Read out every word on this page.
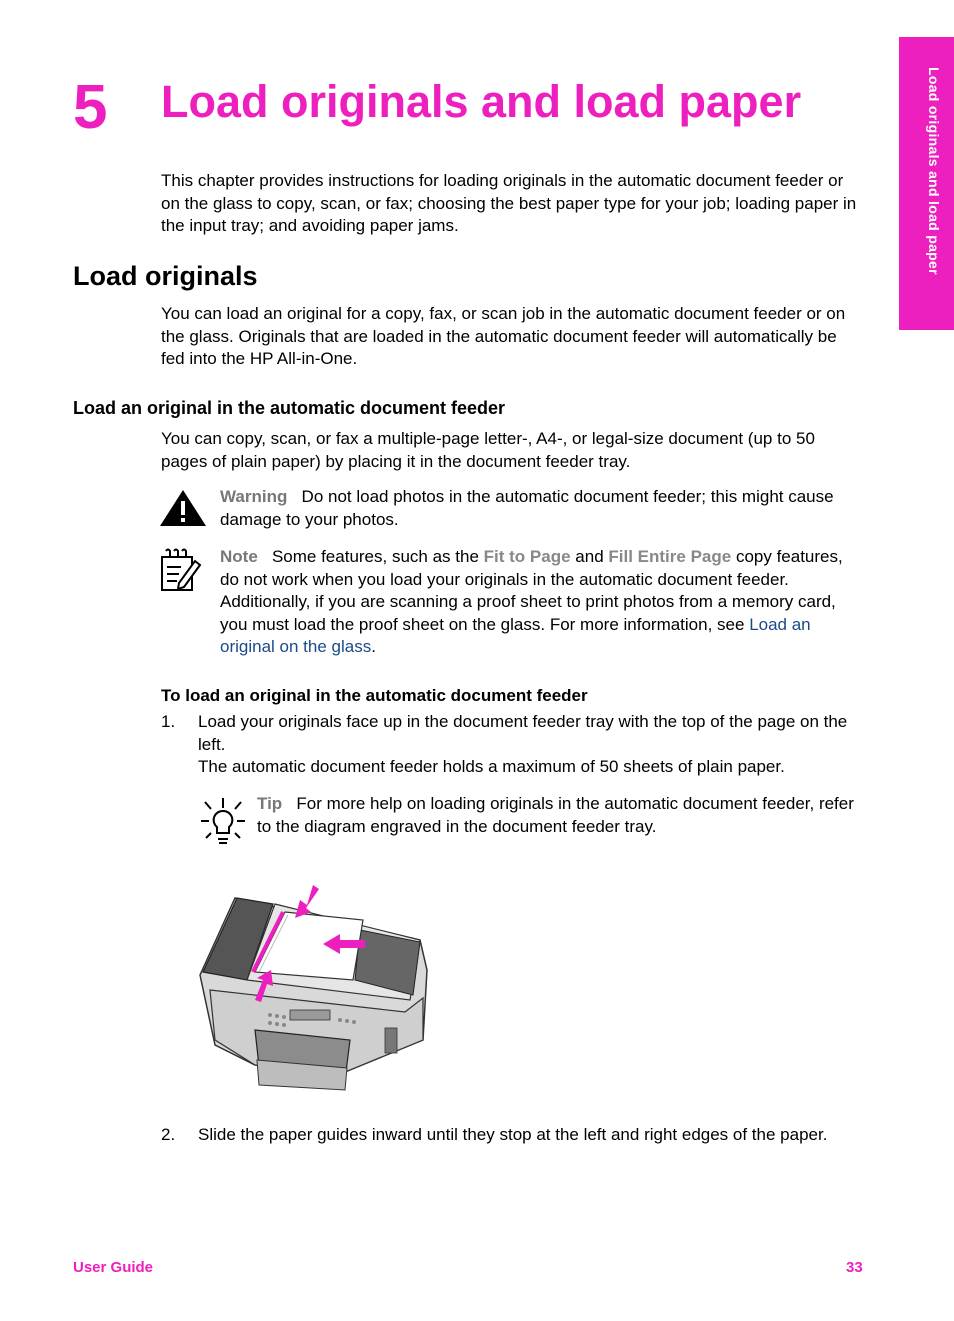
Load originals and load paper
5 Load originals and load paper

This chapter provides instructions for loading originals in the automatic document feeder or on the glass to copy, scan, or fax; choosing the best paper type for your job; loading paper in the input tray; and avoiding paper jams.

Load originals

You can load an original for a copy, fax, or scan job in the automatic document feeder or on the glass. Originals that are loaded in the automatic document feeder will automatically be fed into the HP All-in-One.

Load an original in the automatic document feeder

You can copy, scan, or fax a multiple-page letter-, A4-, or legal-size document (up to 50 pages of plain paper) by placing it in the document feeder tray.

Warning Do not load photos in the automatic document feeder; this might cause damage to your photos.

Note Some features, such as the Fit to Page and Fill Entire Page copy features, do not work when you load your originals in the automatic document feeder. Additionally, if you are scanning a proof sheet to print photos from a memory card, you must load the proof sheet on the glass. For more information, see Load an original on the glass.

To load an original in the automatic document feeder
1. Load your originals face up in the document feeder tray with the top of the page on the left.

The automatic document feeder holds a maximum of 50 sheets of plain paper.

Tip For more help on loading originals in the automatic document feeder, refer to the diagram engraved in the document feeder tray.

2. Slide the paper guides inward until they stop at the left and right edges of the paper.

User Guide	33
